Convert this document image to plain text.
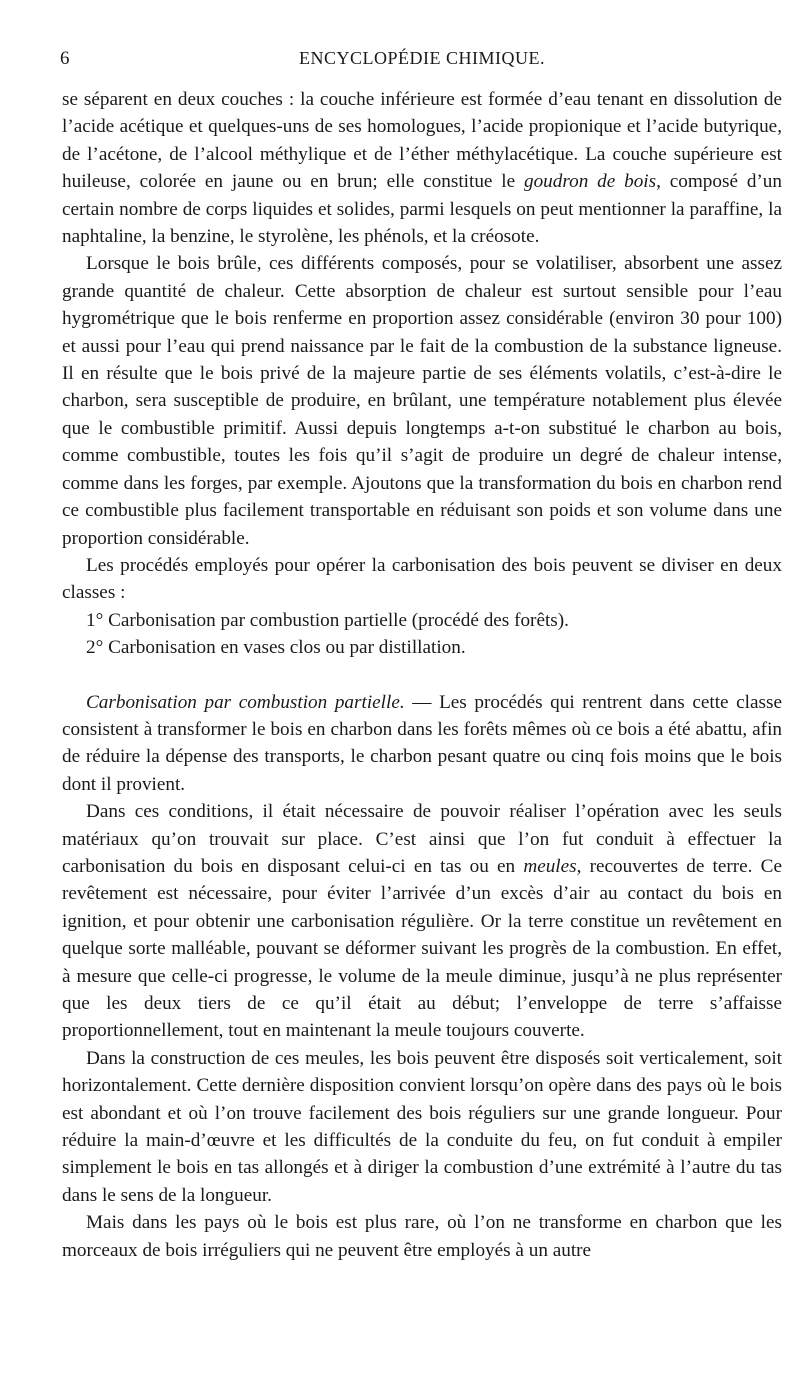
6	ENCYCLOPÉDIE CHIMIQUE.

se séparent en deux couches : la couche inférieure est formée d’eau tenant en dissolution de l’acide acétique et quelques-uns de ses homologues, l’acide propionique et l’acide butyrique, de l’acétone, de l’alcool méthylique et de l’éther méthylacétique. La couche supérieure est huileuse, colorée en jaune ou en brun; elle constitue le goudron de bois, composé d’un certain nombre de corps liquides et solides, parmi lesquels on peut mentionner la paraffine, la naphtaline, la benzine, le styrolène, les phénols, et la créosote.

Lorsque le bois brûle, ces différents composés, pour se volatiliser, absorbent une assez grande quantité de chaleur. Cette absorption de chaleur est surtout sensible pour l’eau hygrométrique que le bois renferme en proportion assez considérable (environ 30 pour 100) et aussi pour l’eau qui prend naissance par le fait de la combustion de la substance ligneuse. Il en résulte que le bois privé de la majeure partie de ses éléments volatils, c’est-à-dire le charbon, sera susceptible de produire, en brûlant, une température notablement plus élevée que le combustible primitif. Aussi depuis longtemps a-t-on substitué le charbon au bois, comme combustible, toutes les fois qu’il s’agit de produire un degré de chaleur intense, comme dans les forges, par exemple. Ajoutons que la transformation du bois en charbon rend ce combustible plus facilement transportable en réduisant son poids et son volume dans une proportion considérable.

Les procédés employés pour opérer la carbonisation des bois peuvent se diviser en deux classes :

1° Carbonisation par combustion partielle (procédé des forêts).

2° Carbonisation en vases clos ou par distillation.

Carbonisation par combustion partielle. — Les procédés qui rentrent dans cette classe consistent à transformer le bois en charbon dans les forêts mêmes où ce bois a été abattu, afin de réduire la dépense des transports, le charbon pesant quatre ou cinq fois moins que le bois dont il provient.

Dans ces conditions, il était nécessaire de pouvoir réaliser l’opération avec les seuls matériaux qu’on trouvait sur place. C’est ainsi que l’on fut conduit à effectuer la carbonisation du bois en disposant celui-ci en tas ou en meules, recouvertes de terre. Ce revêtement est nécessaire, pour éviter l’arrivée d’un excès d’air au contact du bois en ignition, et pour obtenir une carbonisation régulière. Or la terre constitue un revêtement en quelque sorte malléable, pouvant se déformer suivant les progrès de la combustion. En effet, à mesure que celle-ci progresse, le volume de la meule diminue, jusqu’à ne plus représenter que les deux tiers de ce qu’il était au début; l’enveloppe de terre s’affaisse proportionnellement, tout en maintenant la meule toujours couverte.

Dans la construction de ces meules, les bois peuvent être disposés soit verticalement, soit horizontalement. Cette dernière disposition convient lorsqu’on opère dans des pays où le bois est abondant et où l’on trouve facilement des bois réguliers sur une grande longueur. Pour réduire la main-d’œuvre et les difficultés de la conduite du feu, on fut conduit à empiler simplement le bois en tas allongés et à diriger la combustion d’une extrémité à l’autre du tas dans le sens de la longueur.

Mais dans les pays où le bois est plus rare, où l’on ne transforme en charbon que les morceaux de bois irréguliers qui ne peuvent être employés à un autre
